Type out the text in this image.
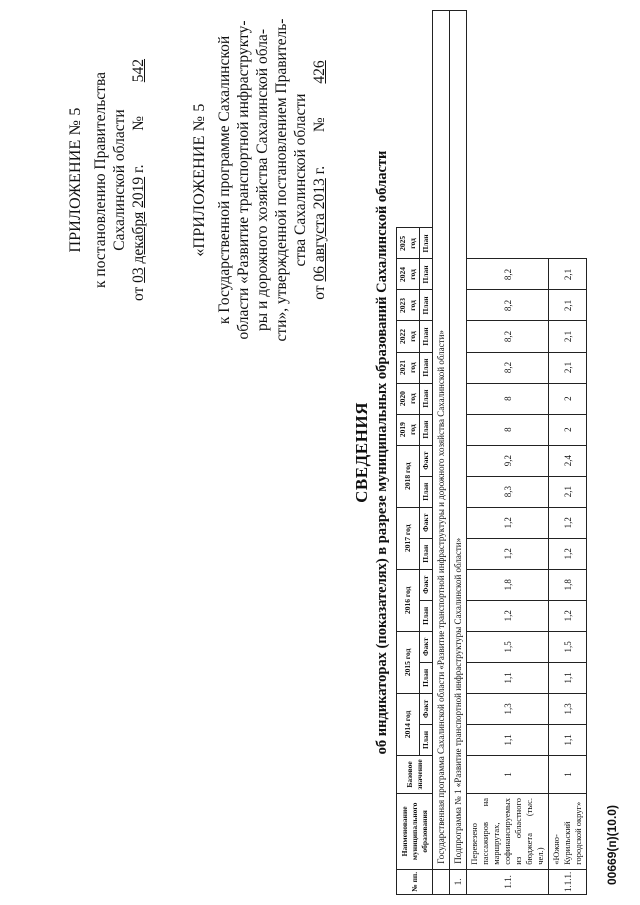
ПРИЛОЖЕНИЕ № 5 к постановлению Правительства Сахалинской области
от 03 декабря 2019 г.  №  542
«ПРИЛОЖЕНИЕ № 5 к Государственной программе Сахалинской области «Развитие транспортной инфраструкту- ры и дорожного хозяйства Сахалинской обла- сти», утвержденной постановлением Правитель- ства Сахалинской области
от 06 августа 2013 г.  №  426
СВЕДЕНИЯ об индикаторах (показателях) в разрезе муниципальных образований Сахалинской области
№ пп.	Наименование муниципального образования	Базовое значение	2014 год		2015 год		2016 год		2017 год		2018 год		2019 год	2020 год	2021 год	2022 год	2023 год	2024 год	2025 год
			План	Факт	План	Факт	План	Факт	План	Факт	План	Факт	План	План	План	План	План	План	План
	Государственная программа Сахалинской области «Развитие транспортной инфраструктуры и дорожного хозяйства Сахалинской области»																		
1.	Подпрограмма № 1 «Развитие транспортной инфраструктуры Сахалинской области»																		
1.1.	Перевезено пассажиров на маршрутах, софинансируемых из областного бюджета (тыс. чел.)	1	1,1	1,3	1,1	1,5	1,2	1,8	1,2	1,2	8,3	9,2	8	8	8,2	8,2	8,2	8,2	
1.1.1.	«Южно-Курильский городской округ»	1	1,1	1,3	1,1	1,5	1,2	1,8	1,2	1,2	2,1	2,4	2	2	2,1	2,1	2,1	2,1	
00669(п)(10.0)
